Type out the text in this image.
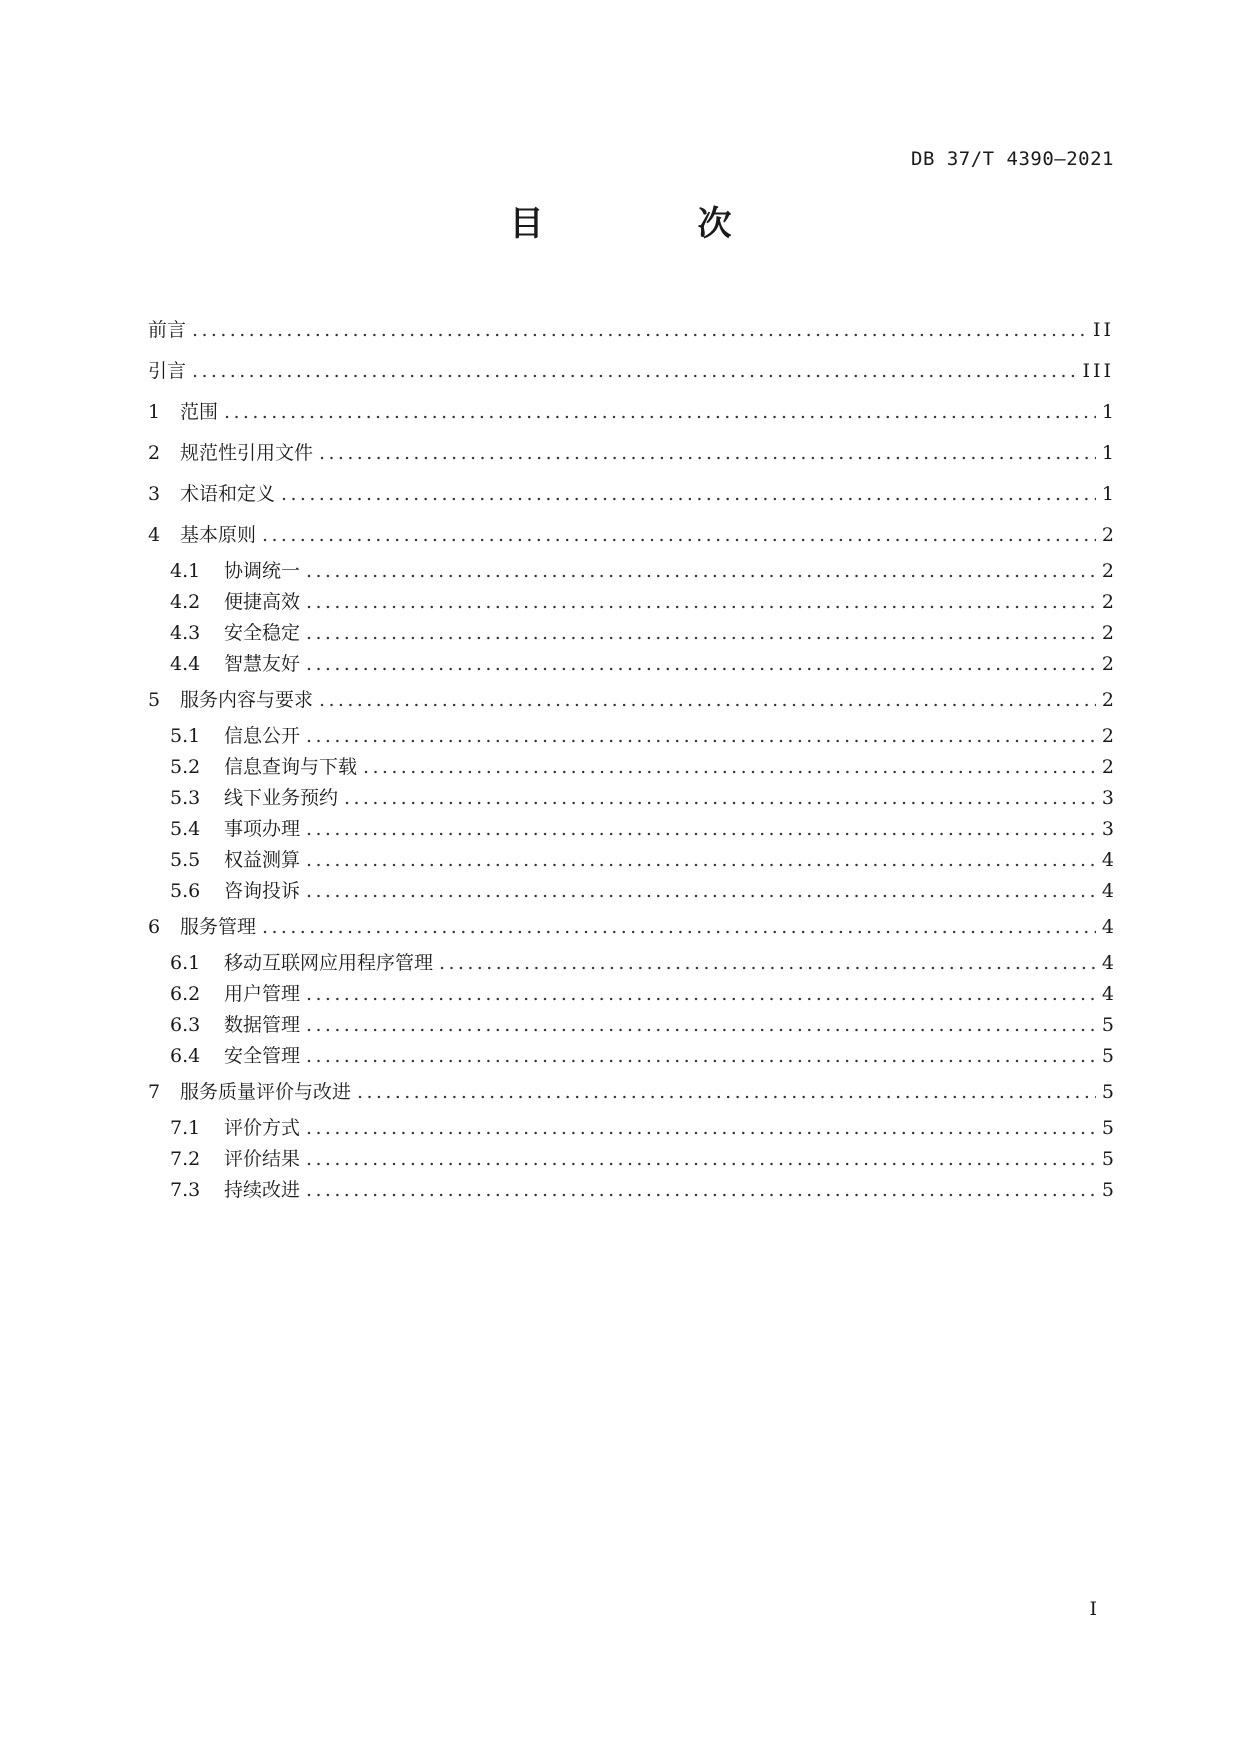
DB 37/T 4390—2021
目　次
前言 .....	II
引言 .....	III
1	范围 .....	1
2	规范性引用文件 .....	1
3	术语和定义 .....	1
4	基本原则 .....	2
4.1	协调统一 .....	2
4.2	便捷高效 .....	2
4.3	安全稳定 .....	2
4.4	智慧友好 .....	2
5	服务内容与要求 .....	2
5.1	信息公开 .....	2
5.2	信息查询与下载 .....	2
5.3	线下业务预约 .....	3
5.4	事项办理 .....	3
5.5	权益测算 .....	4
5.6	咨询投诉 .....	4
6	服务管理 .....	4
6.1	移动互联网应用程序管理 .....	4
6.2	用户管理 .....	4
6.3	数据管理 .....	5
6.4	安全管理 .....	5
7	服务质量评价与改进 .....	5
7.1	评价方式 .....	5
7.2	评价结果 .....	5
7.3	持续改进 .....	5
I
